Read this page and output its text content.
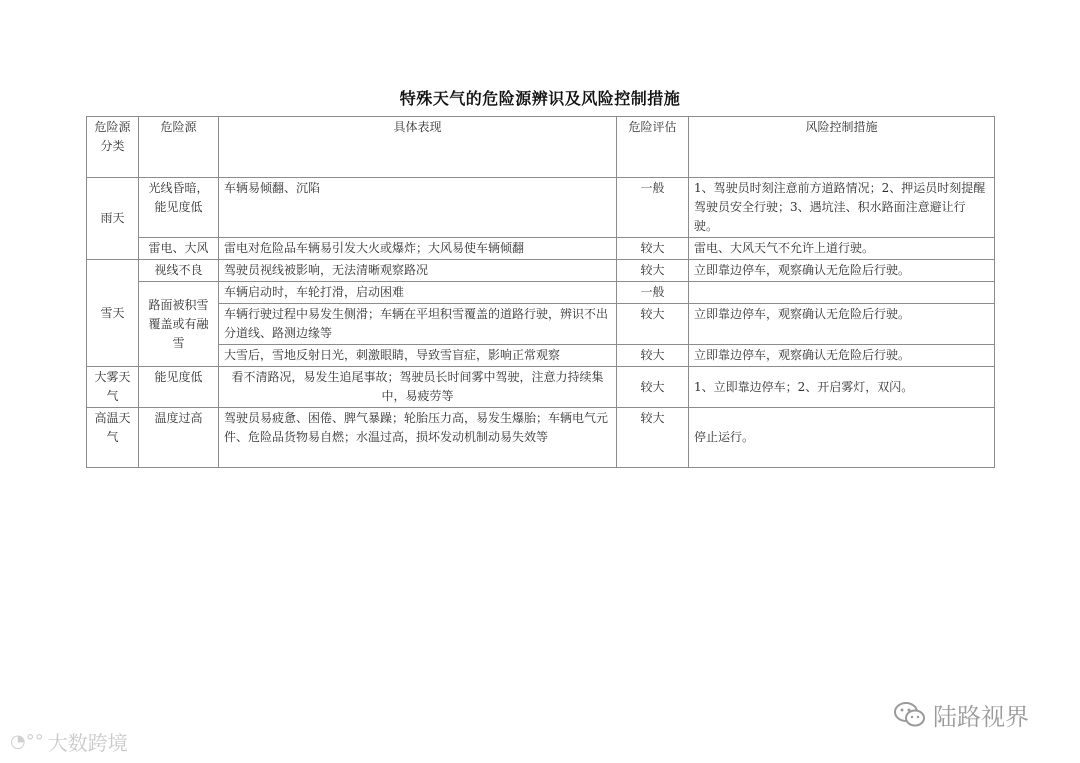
特殊天气的危险源辨识及风险控制措施
危险源分类	危险源	具体表现	危险评估	风险控制措施
雨天	光线昏暗，能见度低	车辆易倾翻、沉陷	一般	1、驾驶员时刻注意前方道路情况；2、押运员时刻提醒驾驶员安全行驶；3、遇坑洼、积水路面注意避让行驶。
	雷电、大风	雷电对危险品车辆易引发大火或爆炸；大风易使车辆倾翻	较大	雷电、大风天气不允许上道行驶。
雪天	视线不良	驾驶员视线被影响，无法清晰观察路况	较大	立即靠边停车，观察确认无危险后行驶。
	路面被积雪覆盖或有融雪	车辆启动时，车轮打滑，启动困难	一般	
		车辆行驶过程中易发生侧滑；车辆在平坦积雪覆盖的道路行驶，辨识不出分道线、路测边缘等	较大	立即靠边停车，观察确认无危险后行驶。
		大雪后，雪地反射日光，刺激眼睛，导致雪盲症，影响正常观察	较大	立即靠边停车，观察确认无危险后行驶。
大雾天气	能见度低	看不清路况，易发生追尾事故；驾驶员长时间雾中驾驶，注意力持续集中，易疲劳等	较大	1、立即靠边停车；2、开启雾灯，双闪。
高温天气	温度过高	驾驶员易疲惫、困倦、脾气暴躁；轮胎压力高，易发生爆胎；车辆电气元件、危险品货物易自燃；水温过高，损坏发动机制动易失效等	较大	停止运行。
◔°° 大数跨境
陆路视界
